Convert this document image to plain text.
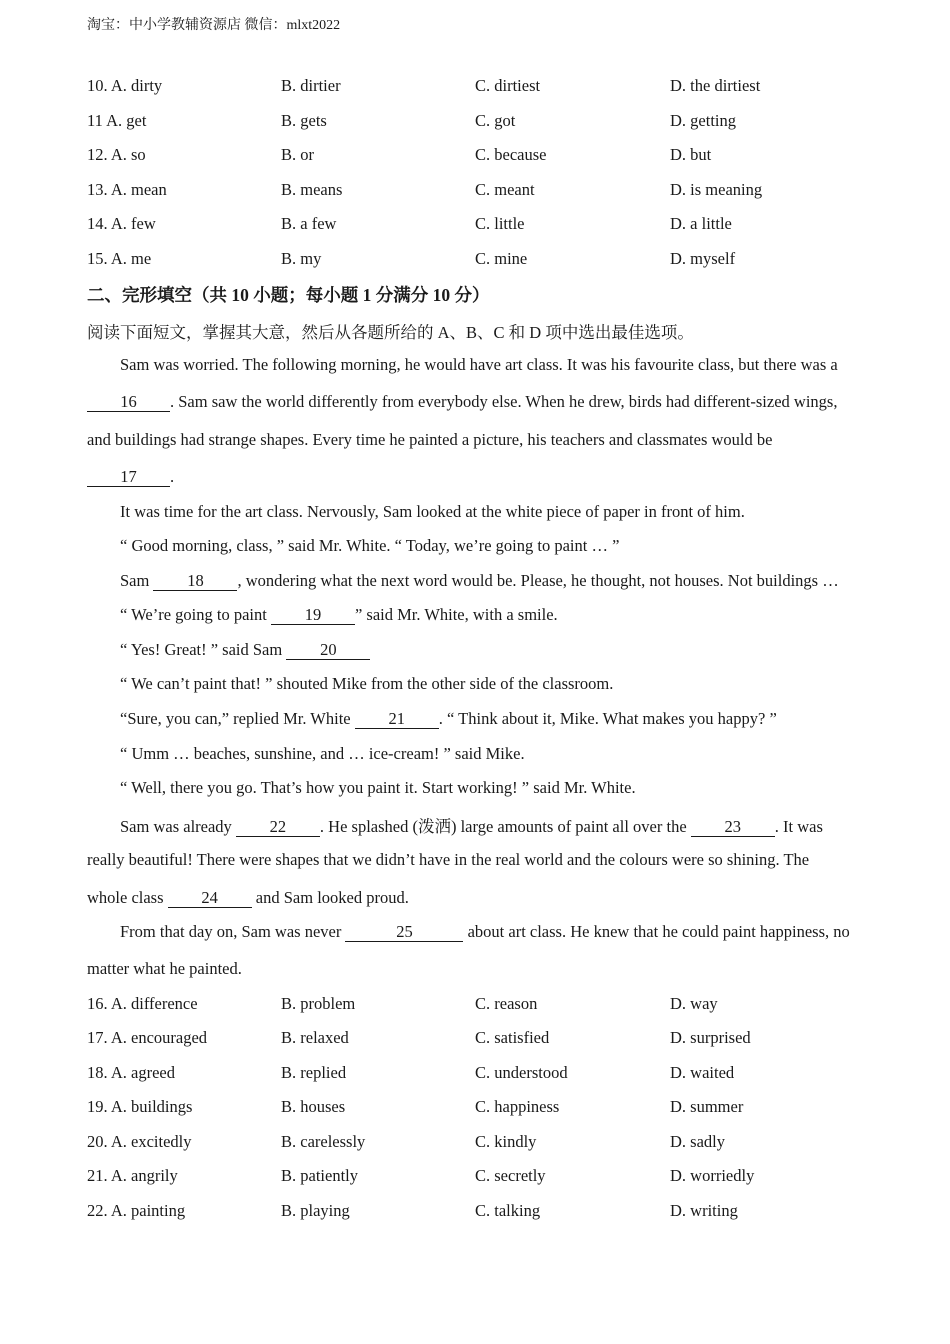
淘宝：中小学教辅资源店 微信：mlxt2022
10. A. dirty	B. dirtier	C. dirtiest	D. the dirtiest
11 A. get	B. gets	C. got	D. getting
12. A. so	B. or	C. because	D. but
13. A. mean	B. means	C. meant	D. is meaning
14. A. few	B. a few	C. little	D. a little
15. A. me	B. my	C. mine	D. myself
二、完形填空（共 10 小题；每小题 1 分满分 10 分）
阅读下面短文，掌握其大意，然后从各题所给的 A、B、C 和 D 项中选出最佳选项。
Sam was worried. The following morning, he would have art class. It was his favourite class, but there was a
16 . Sam saw the world differently from everybody else. When he drew, birds had different-sized wings,
and buildings had strange shapes. Every time he painted a picture, his teachers and classmates would be
17 .
It was time for the art class. Nervously, Sam looked at the white piece of paper in front of him.
“ Good morning, class, ” said Mr. White. “ Today, we’re going to paint … ”
Sam 18 , wondering what the next word would be. Please, he thought, not houses. Not buildings …
“ We’re going to paint 19 ” said Mr. White, with a smile.
“ Yes! Great! ” said Sam 20
“ We can’t paint that! ” shouted Mike from the other side of the classroom.
“Sure, you can,” replied Mr. White 21 . “ Think about it, Mike. What makes you happy? ”
“ Umm … beaches, sunshine, and … ice-cream! ” said Mike.
“ Well, there you go. That’s how you paint it. Start working! ” said Mr. White.
Sam was already 22 . He splashed (泼洒) large amounts of paint all over the 23 . It was
really beautiful! There were shapes that we didn’t have in the real world and the colours were so shining. The
whole class 24 and Sam looked proud.
From that day on, Sam was never	25	about art class. He knew that he could paint happiness, no
matter what he painted.
16. A. difference	B. problem	C. reason	D. way
17. A. encouraged	B. relaxed	C. satisfied	D. surprised
18. A. agreed	B. replied	C. understood	D. waited
19. A. buildings	B. houses	C. happiness	D. summer
20. A. excitedly	B. carelessly	C. kindly	D. sadly
21. A. angrily	B. patiently	C. secretly	D. worriedly
22. A. painting	B. playing	C. talking	D. writing
